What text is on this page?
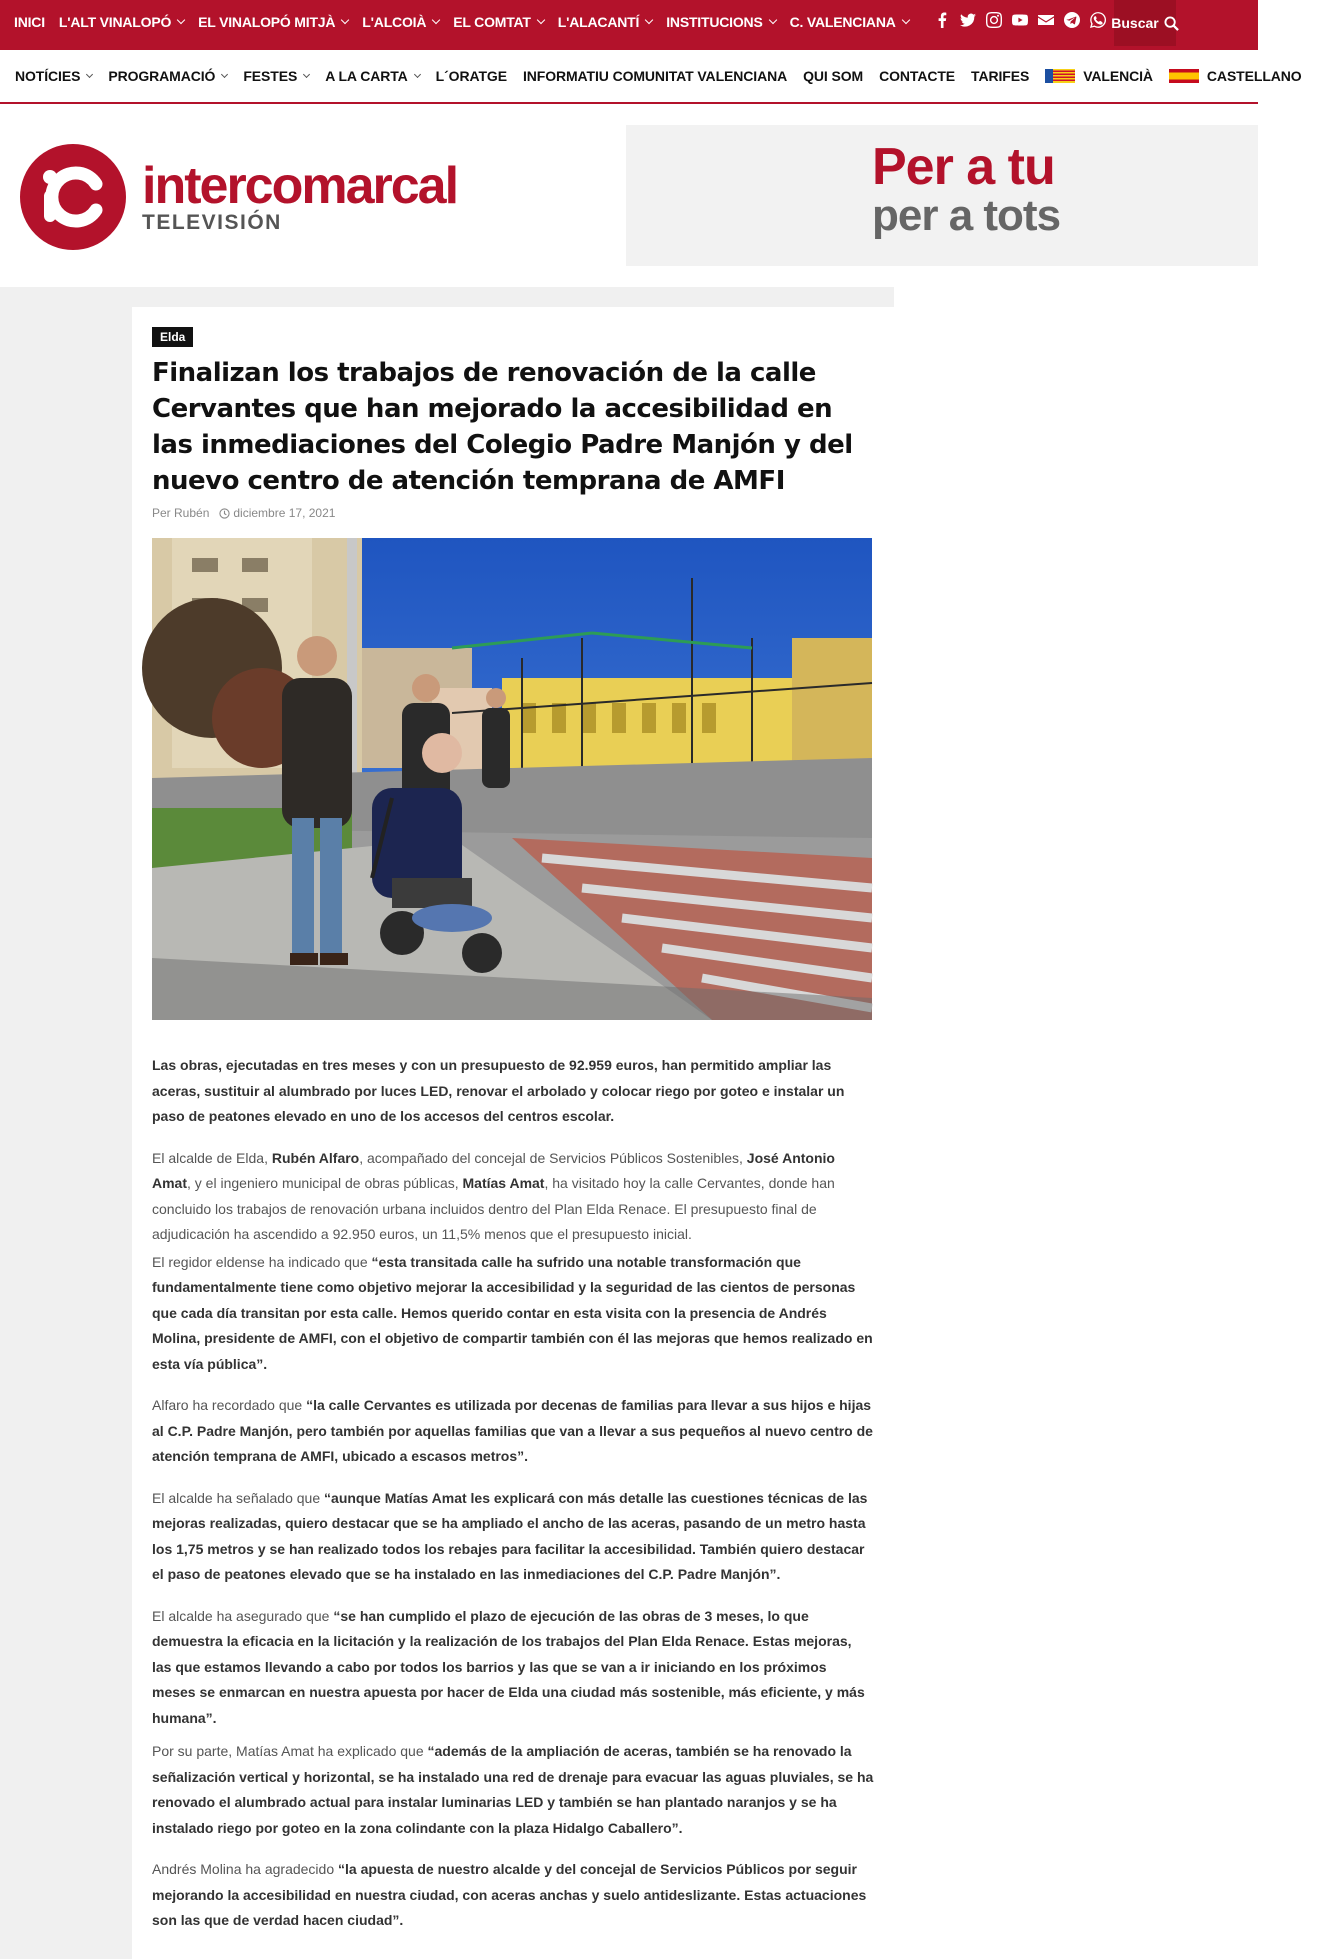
INICI L'ALT VINALOPÓ EL VINALOPÓ MITJÀ L'ALCOIÀ EL COMTAT L'ALACANTÍ INSTITUCIONS C. VALENCIANA	Buscar
NOTÍCIES PROGRAMACIÓ FESTES A LA CARTA L´ORATGE INFORMATIU COMUNITAT VALENCIANA QUI SOM CONTACTE TARIFES	VALENCIÀ	CASTELLANO
intercomarcal
TELEVISIÓN
Per a tu
per a tots
Elda
Finalizan los trabajos de renovación de la calle Cervantes que han mejorado la accesibilidad en las inmediaciones del Colegio Padre Manjón y del nuevo centro de atención temprana de AMFI
Per Rubén diciembre 17, 2021

Las obras, ejecutadas en tres meses y con un presupuesto de 92.959 euros, han permitido ampliar las aceras, sustituir al alumbrado por luces LED, renovar el arbolado y colocar riego por goteo e instalar un paso de peatones elevado en uno de los accesos del centros escolar.

El alcalde de Elda, Rubén Alfaro, acompañado del concejal de Servicios Públicos Sostenibles, José Antonio Amat, y el ingeniero municipal de obras públicas, Matías Amat, ha visitado hoy la calle Cervantes, donde han concluido los trabajos de renovación urbana incluidos dentro del Plan Elda Renace. El presupuesto final de adjudicación ha ascendido a 92.950 euros, un 11,5% menos que el presupuesto inicial.

El regidor eldense ha indicado que “esta transitada calle ha sufrido una notable transformación que fundamentalmente tiene como objetivo mejorar la accesibilidad y la seguridad de las cientos de personas que cada día transitan por esta calle. Hemos querido contar en esta visita con la presencia de Andrés Molina, presidente de AMFI, con el objetivo de compartir también con él las mejoras que hemos realizado en esta vía pública”.

Alfaro ha recordado que “la calle Cervantes es utilizada por decenas de familias para llevar a sus hijos e hijas al C.P. Padre Manjón, pero también por aquellas familias que van a llevar a sus pequeños al nuevo centro de atención temprana de AMFI, ubicado a escasos metros”.

El alcalde ha señalado que “aunque Matías Amat les explicará con más detalle las cuestiones técnicas de las mejoras realizadas, quiero destacar que se ha ampliado el ancho de las aceras, pasando de un metro hasta los 1,75 metros y se han realizado todos los rebajes para facilitar la accesibilidad. También quiero destacar el paso de peatones elevado que se ha instalado en las inmediaciones del C.P. Padre Manjón”.

El alcalde ha asegurado que “se han cumplido el plazo de ejecución de las obras de 3 meses, lo que demuestra la eficacia en la licitación y la realización de los trabajos del Plan Elda Renace. Estas mejoras, las que estamos llevando a cabo por todos los barrios y las que se van a ir iniciando en los próximos meses se enmarcan en nuestra apuesta por hacer de Elda una ciudad más sostenible, más eficiente, y más humana”.

Por su parte, Matías Amat ha explicado que “además de la ampliación de aceras, también se ha renovado la señalización vertical y horizontal, se ha instalado una red de drenaje para evacuar las aguas pluviales, se ha renovado el alumbrado actual para instalar luminarias LED y también se han plantado naranjos y se ha instalado riego por goteo en la zona colindante con la plaza Hidalgo Caballero”.

Andrés Molina ha agradecido “la apuesta de nuestro alcalde y del concejal de Servicios Públicos por seguir mejorando la accesibilidad en nuestra ciudad, con aceras anchas y suelo antideslizante. Estas actuaciones son las que de verdad hacen ciudad”.
